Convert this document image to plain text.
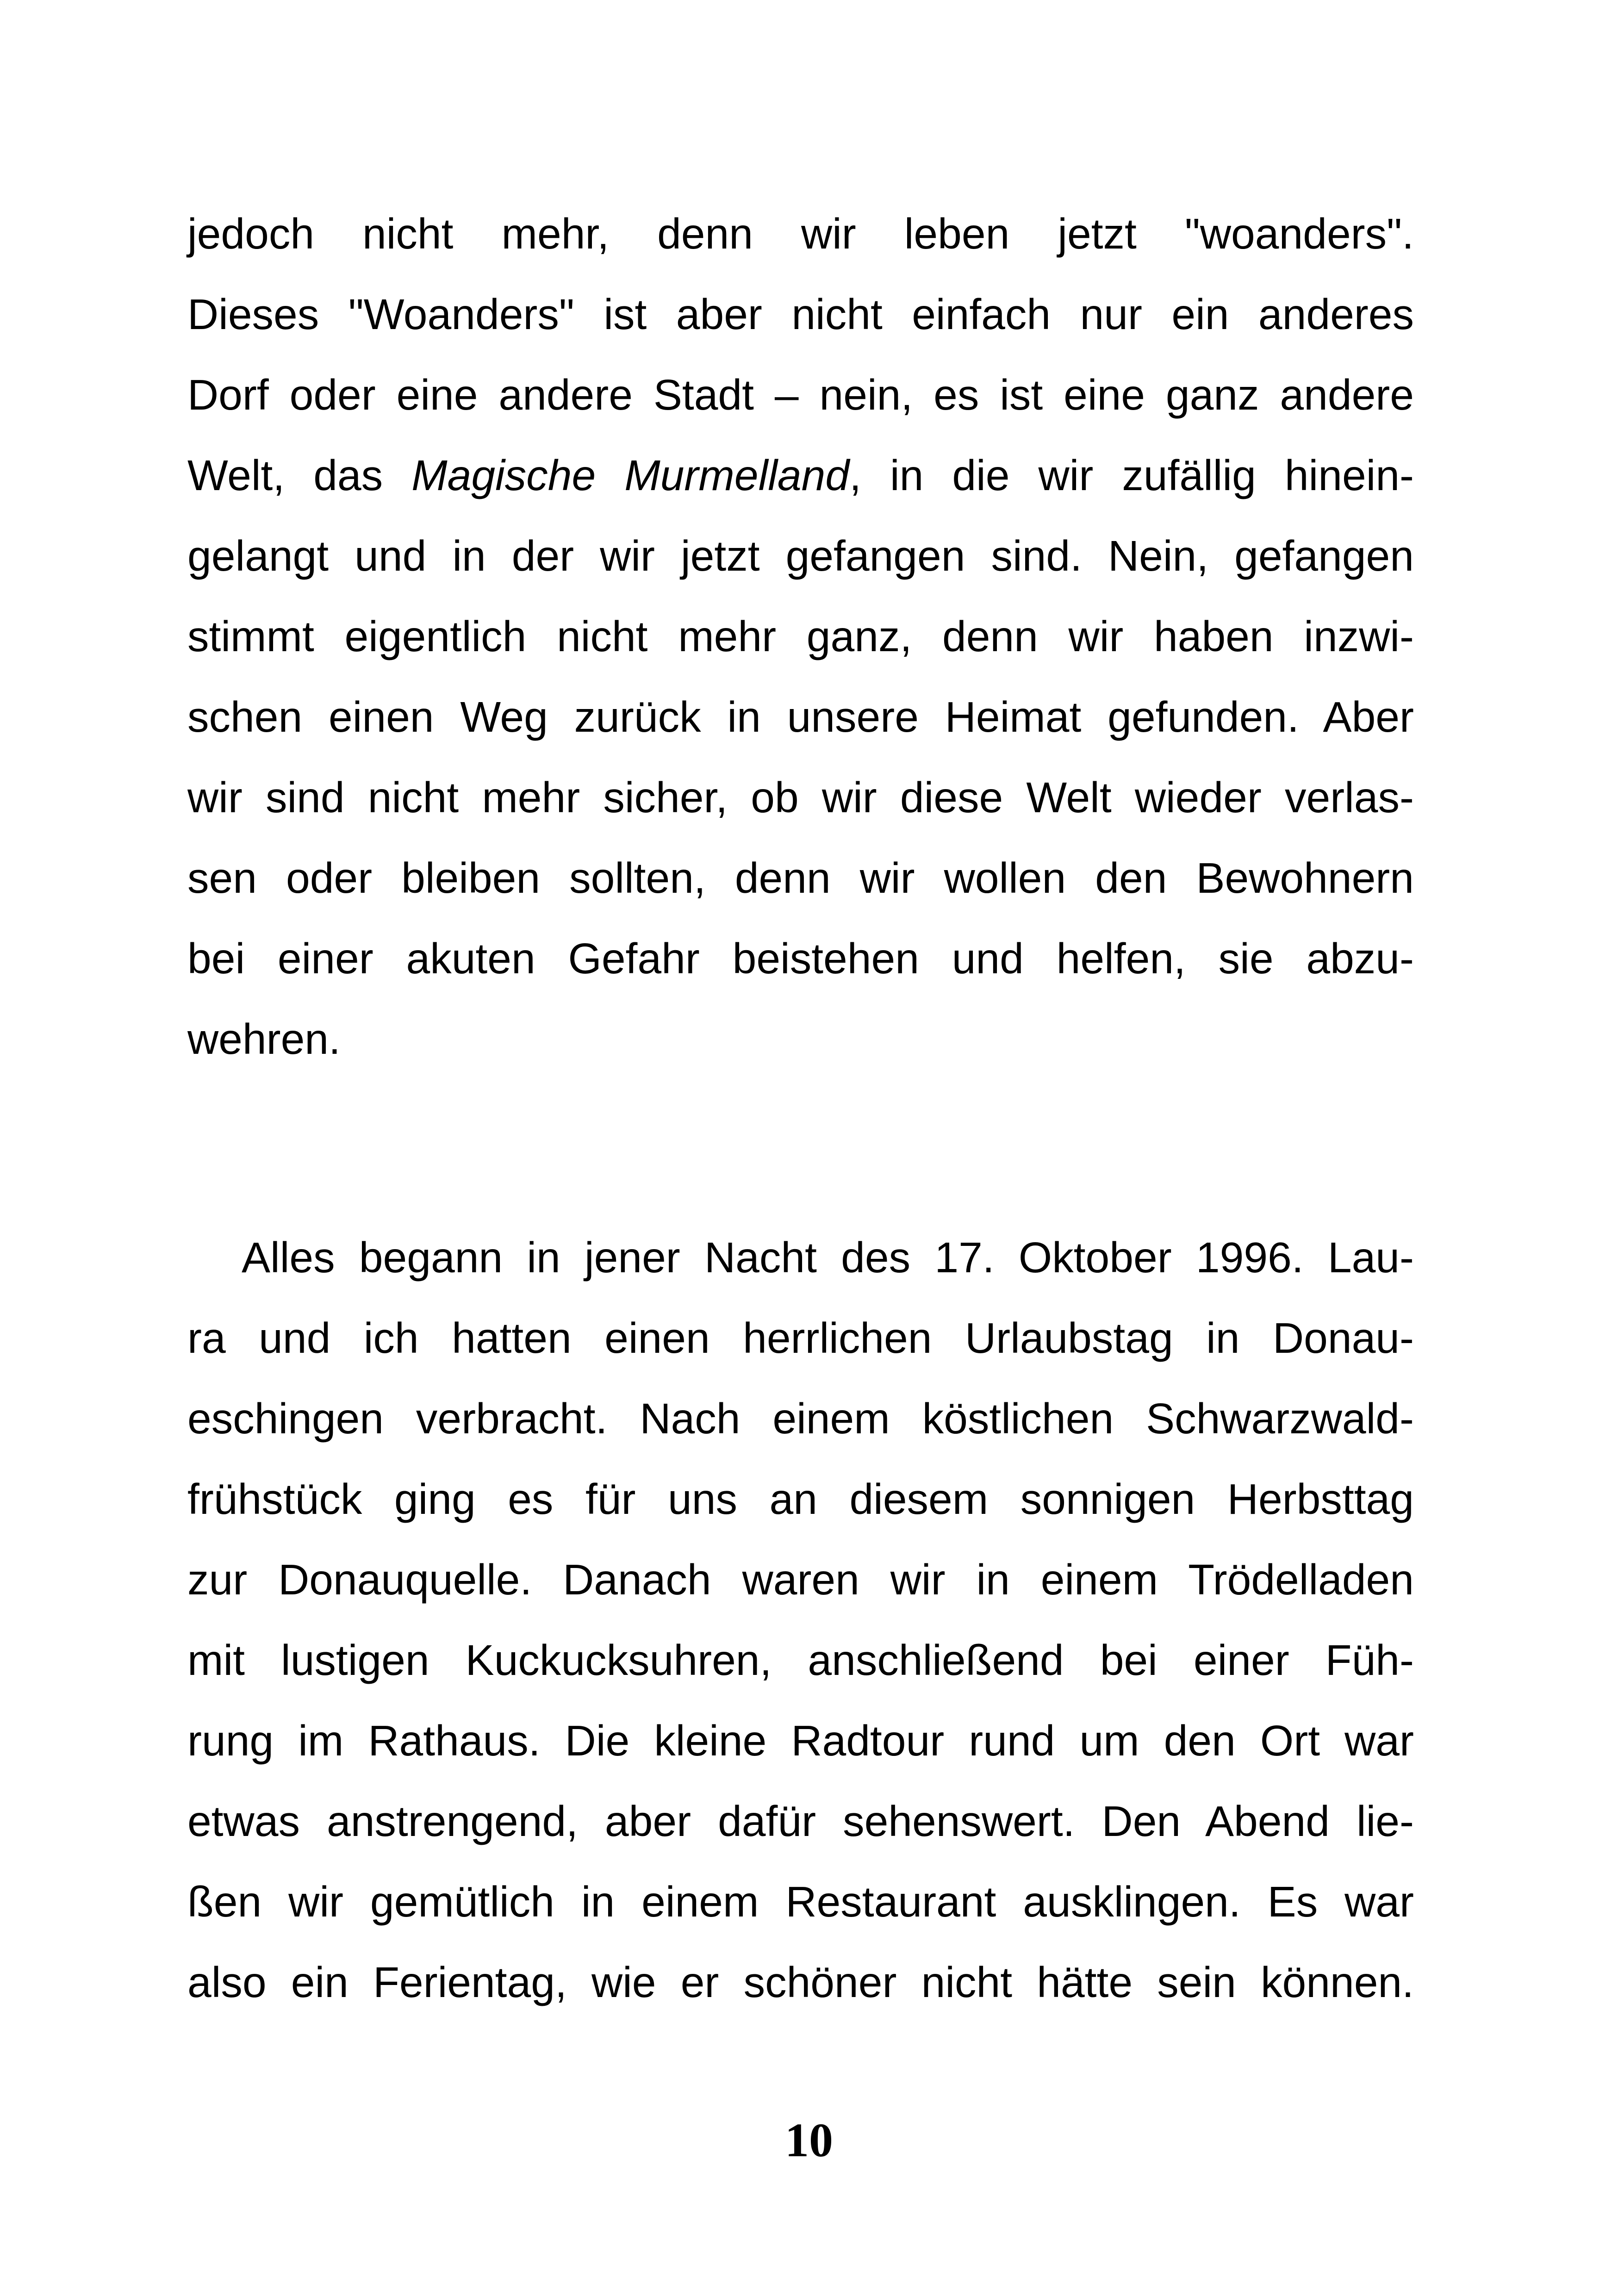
jedoch nicht mehr, denn wir leben jetzt "woanders".
Dieses "Woanders" ist aber nicht einfach nur ein anderes
Dorf oder eine andere Stadt – nein, es ist eine ganz andere
Welt, das Magische Murmelland, in die wir zufällig hinein-
gelangt und in der wir jetzt gefangen sind. Nein, gefangen
stimmt eigentlich nicht mehr ganz, denn wir haben inzwi-
schen einen Weg zurück in unsere Heimat gefunden. Aber
wir sind nicht mehr sicher, ob wir diese Welt wieder verlas-
sen oder bleiben sollten, denn wir wollen den Bewohnern
bei einer akuten Gefahr beistehen und helfen, sie abzu-
wehren.
Alles begann in jener Nacht des 17. Oktober 1996. Lau-
ra und ich hatten einen herrlichen Urlaubstag in Donau-
eschingen verbracht. Nach einem köstlichen Schwarzwald-
frühstück ging es für uns an diesem sonnigen Herbsttag
zur Donauquelle. Danach waren wir in einem Trödelladen
mit lustigen Kuckucksuhren, anschließend bei einer Füh-
rung im Rathaus. Die kleine Radtour rund um den Ort war
etwas anstrengend, aber dafür sehenswert. Den Abend lie-
ßen wir gemütlich in einem Restaurant ausklingen. Es war
also ein Ferientag, wie er schöner nicht hätte sein können.
10
